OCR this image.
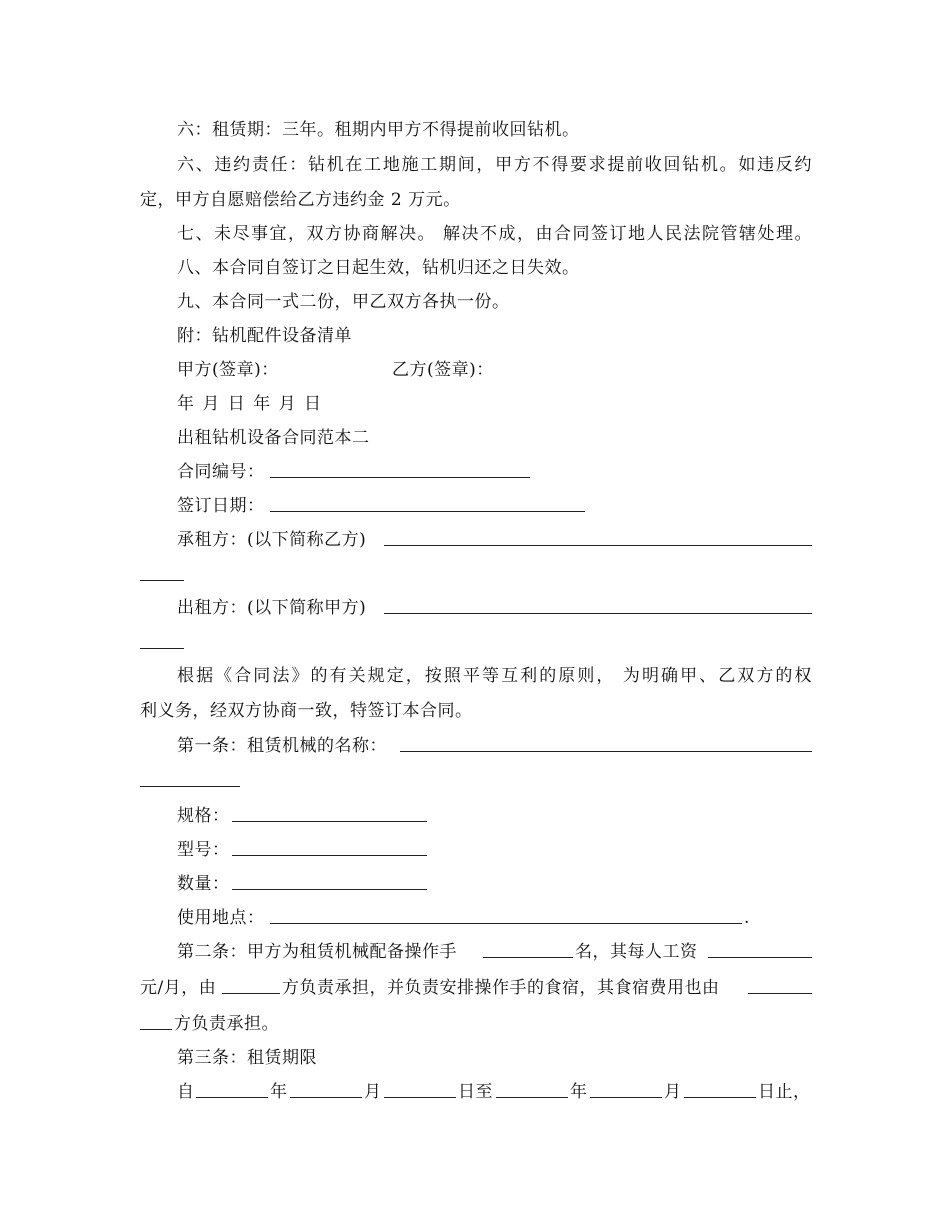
六：租赁期：三年。租期内甲方不得提前收回钻机。
六、违约责任：钻机在工地施工期间，甲方不得要求提前收回钻机。如违反约
定，甲方自愿赔偿给乙方违约金 2 万元。
七、未尽事宜，双方协商解决。 解决不成，由合同签订地人民法院管辖处理。
八、本合同自签订之日起生效，钻机归还之日失效。
九、本合同一式二份，甲乙双方各执一份。
附：钻机配件设备清单
甲方(签章)：	乙方(签章)：
年 月 日 年 月 日
出租钻机设备合同范本二
合同编号：
签订日期：
承租方：(以下简称乙方)
出租方：(以下简称甲方)
根据《合同法》的有关规定，按照平等互利的原则， 为明确甲、乙双方的权
利义务，经双方协商一致，特签订本合同。
第一条：租赁机械的名称：
规格：
型号：
数量：
使用地点：	.
第二条：甲方为租赁机械配备操作手	名，其每人工资
元/月，由	方负责承担，并负责安排操作手的食宿，其食宿费用也由
方负责承担。
第三条：租赁期限
自	年	月	日至	年	月	日止，
